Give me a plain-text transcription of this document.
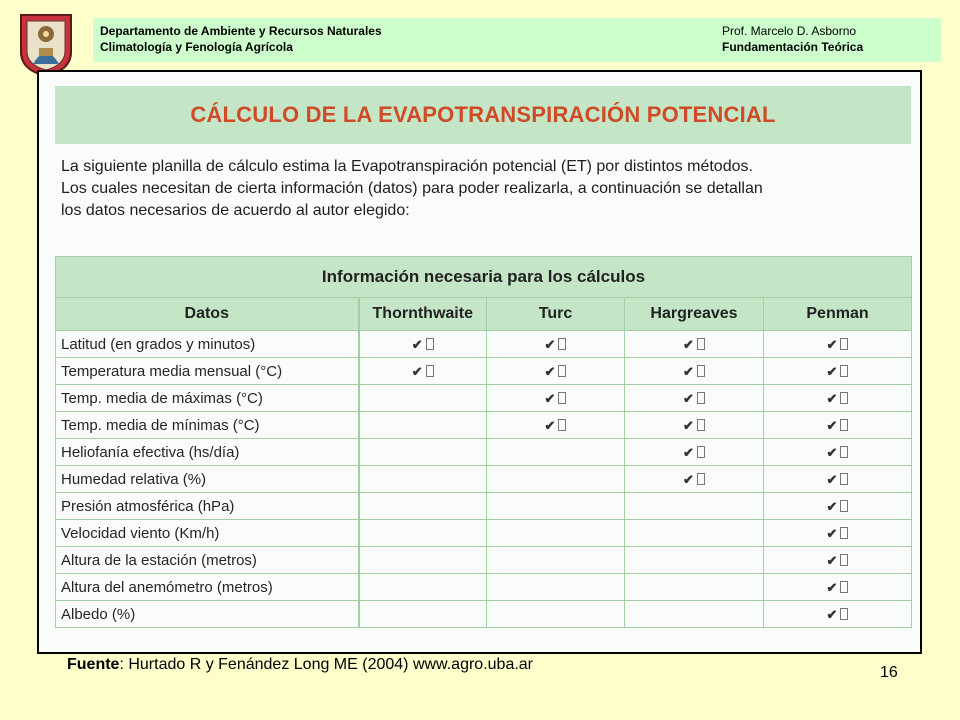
Departamento de Ambiente y Recursos Naturales
Climatología y Fenología Agrícola
Prof. Marcelo D. Asborno
Fundamentación Teórica
CÁLCULO DE LA EVAPOTRANSPIRACIÓN POTENCIAL
La siguiente planilla de cálculo estima la Evapotranspiración potencial (ET) por distintos métodos.
Los cuales necesitan de cierta información (datos) para poder realizarla, a continuación se detallan
los datos necesarios de acuerdo al autor elegido:
Información necesaria para los cálculos				
Datos	Thornthwaite	Turc	Hargreaves	Penman
Latitud (en grados y minutos)	✔	✔	✔	✔
Temperatura media mensual (°C)	✔	✔	✔	✔
Temp. media de máximas (°C)		✔	✔	✔
Temp. media de mínimas (°C)		✔	✔	✔
Heliofanía efectiva (hs/día)			✔	✔
Humedad relativa (%)			✔	✔
Presión atmosférica (hPa)				✔
Velocidad viento (Km/h)				✔
Altura de la estación (metros)				✔
Altura del anemómetro (metros)				✔
Albedo (%)				✔
Fuente: Hurtado R y Fenández Long ME (2004) www.agro.uba.ar	16
